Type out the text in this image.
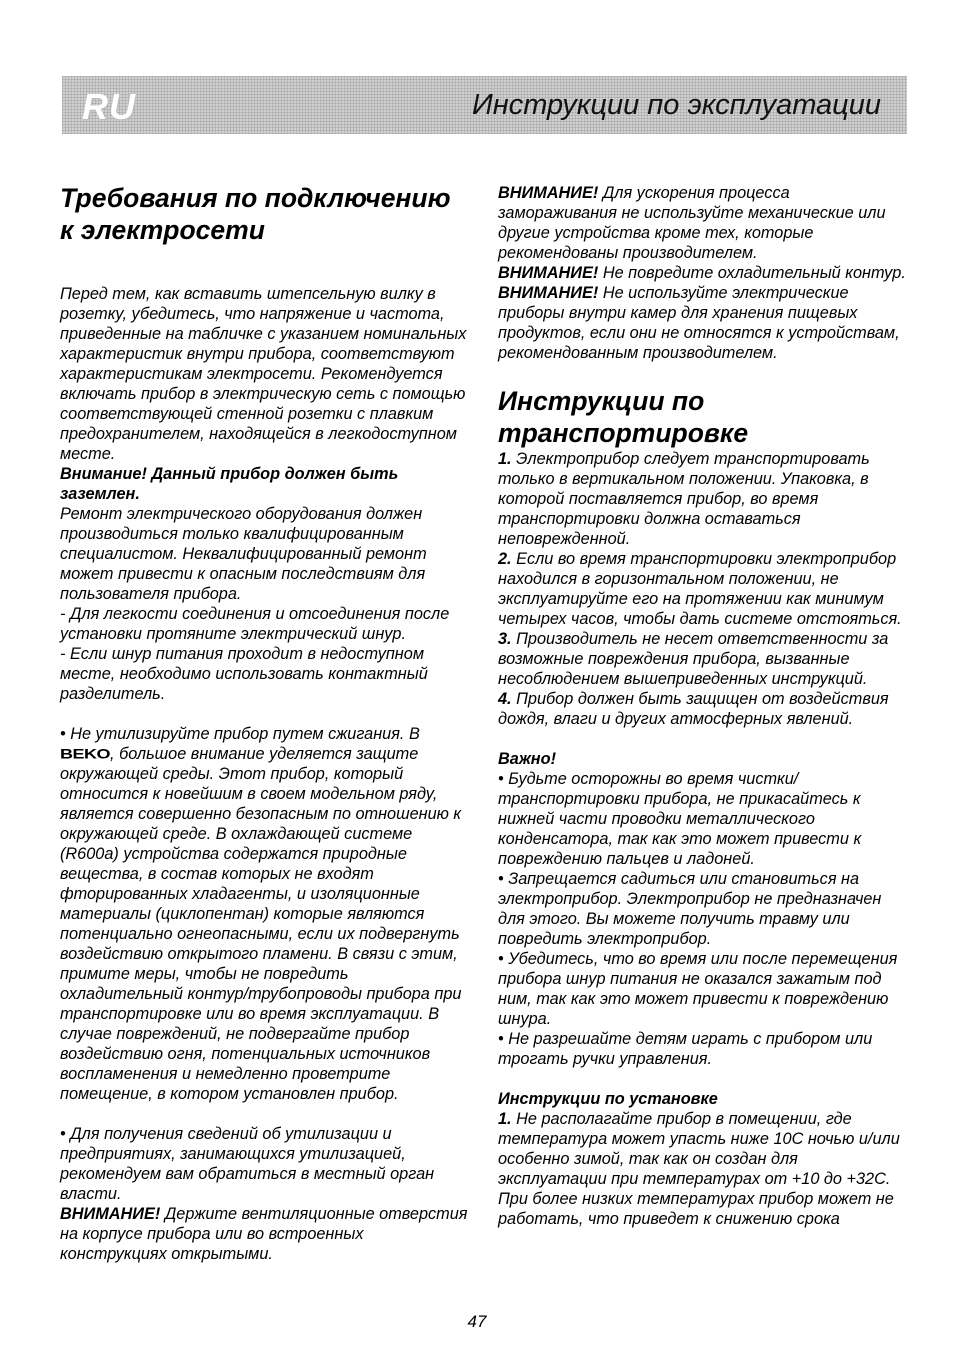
RU	Инструкции по эксплуатации

Требования по подключению
к электросети

Перед тем, как вставить штепсельную вилку в розетку, убедитесь, что напряжение и частота, приведенные на табличке с указанием номинальных характеристик внутри прибора, соответствуют характеристикам электросети. Рекомендуется включать прибор в электрическую сеть с помощью соответствующей стенной розетки с плавким предохранителем, находящейся в легкодоступном месте.

Внимание! Данный прибор должен быть заземлен.

Ремонт электрического оборудования должен производиться только квалифицированным специалистом. Неквалифицированный ремонт может привести к опасным последствиям для пользователя прибора.

- Для легкости соединения и отсоединения после установки протяните электрический шнур.

- Если шнур питания проходит в недоступном месте, необходимо использовать контактный разделитель.

• Не утилизируйте прибор путем сжигания. В
BEKO, большое внимание уделяется защите окружающей среды. Этот прибор, который относится к новейшим в своем модельном ряду, является совершенно безопасным по отношению к окружающей среде. В охлаждающей системе (R600a) устройства содержатся природные вещества, в состав которых не входят фторированных хладагенты, и изоляционные материалы (циклопентан) которые являются потенциально огнеопасными, если их подвергнуть воздействию открытого пламени. В связи с этим, примите меры, чтобы не повредить охладительный контур/трубопроводы прибора при транспортировке или во время эксплуатации. В случае повреждений, не подвергайте прибор воздействию огня, потенциальных источников воспламенения и немедленно проветрите помещение, в котором установлен прибор.

• Для получения сведений об утилизации и предприятиях, занимающихся утилизацией, рекомендуем вам обратиться в местный орган власти.

ВНИМАНИЕ! Держите вентиляционные отверстия на корпусе прибора или во встроенных конструкциях открытыми.

ВНИМАНИЕ! Для ускорения процесса замораживания не используйте механические или другие устройства кроме тех, которые рекомендованы производителем.

ВНИМАНИЕ! Не повредите охладительный контур.

ВНИМАНИЕ! Не используйте электрические приборы внутри камер для хранения пищевых продуктов, если они не относятся к устройствам, рекомендованным производителем.

Инструкции по
транспортировке

1. Электроприбор следует транспортировать только в вертикальном положении. Упаковка, в которой поставляется прибор, во время транспортировки должна оставаться неповрежденной.

2. Если во время транспортировки электроприбор находился в горизонтальном положении, не эксплуатируйте его на протяжении как минимум четырех часов, чтобы дать системе отстояться.

3. Производитель не несет ответственности за возможные повреждения прибора, вызванные несоблюдением вышеприведенных инструкций.

4. Прибор должен быть защищен от воздействия дождя, влаги и других атмосферных явлений.

Важно!

• Будьте осторожны во время чистки/транспортировки прибора, не прикасайтесь к нижней части проводки металлического конденсатора, так как это может привести к повреждению пальцев и ладоней.

• Запрещается садиться или становиться на электроприбор. Электроприбор не предназначен для этого. Вы можете получить травму или повредить электроприбор.

• Убедитесь, что во время или после перемещения прибора шнур питания не оказался зажатым под ним, так как это может привести к повреждению шнура.

• Не разрешайте детям играть с прибором или трогать ручки управления.

Инструкции по установке

1. Не располагайте прибор в помещении, где температура может упасть ниже 10C ночью и/или особенно зимой, так как он создан для эксплуатации при температурах от +10 до +32C. При более низких температурах прибор может не работать, что приведет к снижению срока

47
